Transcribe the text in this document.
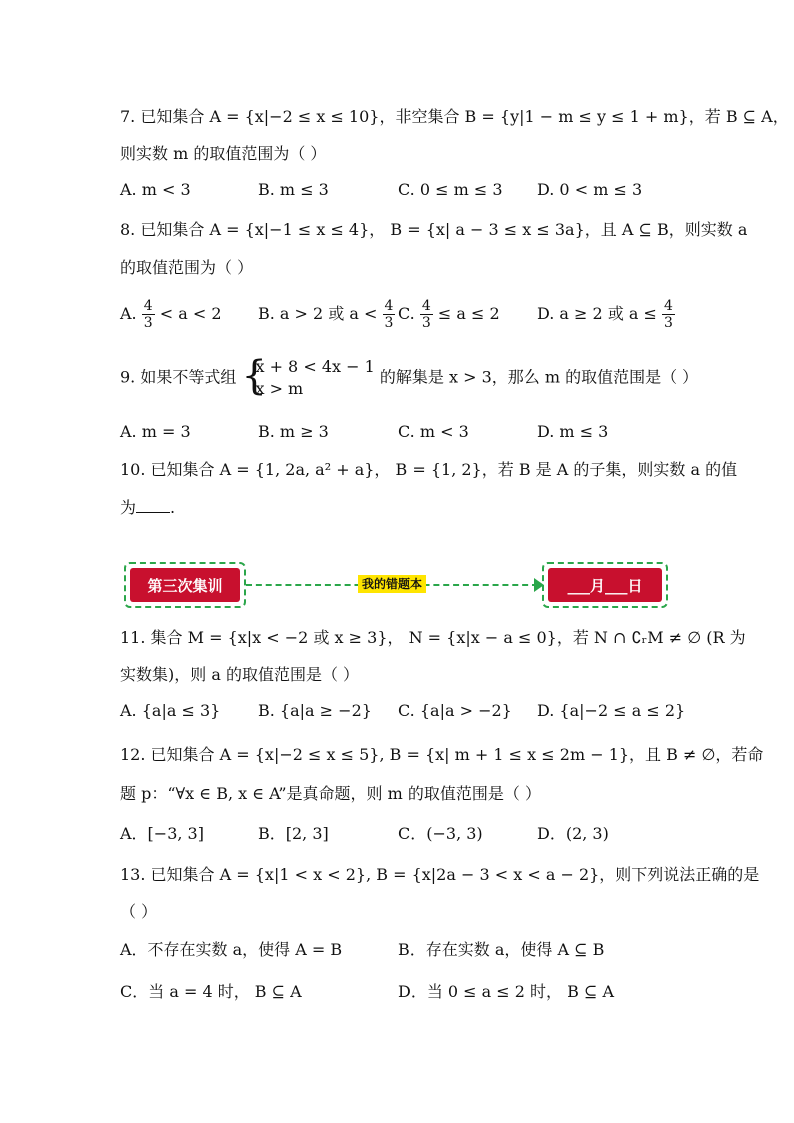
7. 已知集合 A = {x|−2 ≤ x ≤ 10}，非空集合 B = {y|1 − m ≤ y ≤ 1 + m}，若 B ⊆ A，
则实数 m 的取值范围为（ ）
A. m < 3	B. m ≤ 3	C. 0 ≤ m ≤ 3 D. 0 < m ≤ 3
8. 已知集合 A = {x|−1 ≤ x ≤ 4}， B = {x| a − 3 ≤ x ≤ 3a}，且 A ⊆ B，则实数 a
的取值范围为（ ）
A. $\frac{4}{3} < a < 2$ B. a > 2 或 $a < \frac{4}{3} C$. $\frac{4}{3} \le a \le 2$ D. a ≥ 2 或 $a \le \frac{4}{3}$
9. 如果不等式组 {
x + 8 < 4x − 1
x > m
的解集是 x > 3，那么 m 的取值范围是（ ）
A. m = 3	B. m ≥ 3	C. m < 3	D. m ≤ 3
10. 已知集合 A = {1, 2a, a² + a}， B = {1, 2}，若 B 是 A 的子集，则实数 a 的值
为 .
第三次集训	我的错题本	___月___日
11. 集合 M = {x|x < −2 或 x ≥ 3}， N = {x|x − a ≤ 0}，若 N ∩ ∁ᵣM ≠ ∅ (R 为
实数集)，则 a 的取值范围是（ ）
A. {a|a ≤ 3} B. {a|a ≥ −2} C. {a|a > −2} D. {a|−2 ≤ a ≤ 2}
12. 已知集合 A = {x|−2 ≤ x ≤ 5}, B = {x| m + 1 ≤ x ≤ 2m − 1}，且 B ≠ ∅，若命
题 p：“∀x ∈ B, x ∈ A”是真命题，则 m 的取值范围是（ ）
A．[−3, 3]	B．[2, 3]	C．(−3, 3)	D．(2, 3)
13. 已知集合 A = {x|1 < x < 2}, B = {x|2a − 3 < x < a − 2}，则下列说法正确的是
（ ）
A．不存在实数 a，使得 A = B	B．存在实数 a，使得 A ⊆ B
C．当 a = 4 时， B ⊆ A	D．当 0 ≤ a ≤ 2 时， B ⊆ A
